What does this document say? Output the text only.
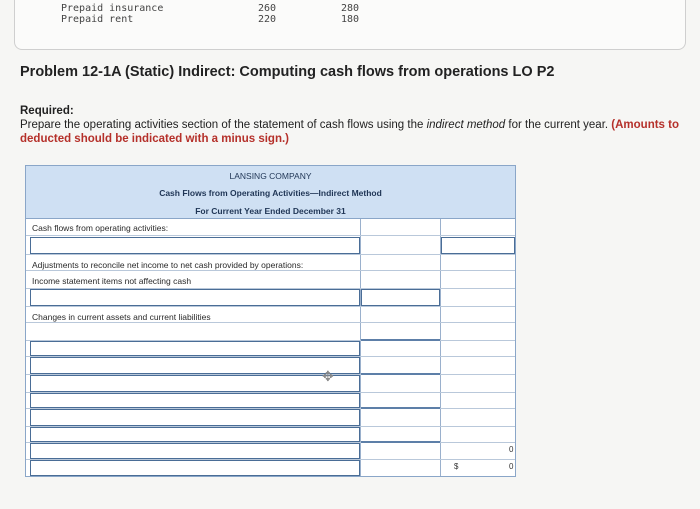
Prepaid insurance
Prepaid rent
260
220
280
180
Problem 12-1A (Static) Indirect: Computing cash flows from operations LO P2
Required:
Prepare the operating activities section of the statement of cash flows using the indirect method for the current year. (Amounts to
deducted should be indicated with a minus sign.)
LANSING COMPANY
Cash Flows from Operating Activities—Indirect Method
For Current Year Ended December 31
Cash flows from operating activities:
Adjustments to reconcile net income to net cash provided by operations:
Income statement items not affecting cash
Changes in current assets and current liabilities
✥
$
0
0
